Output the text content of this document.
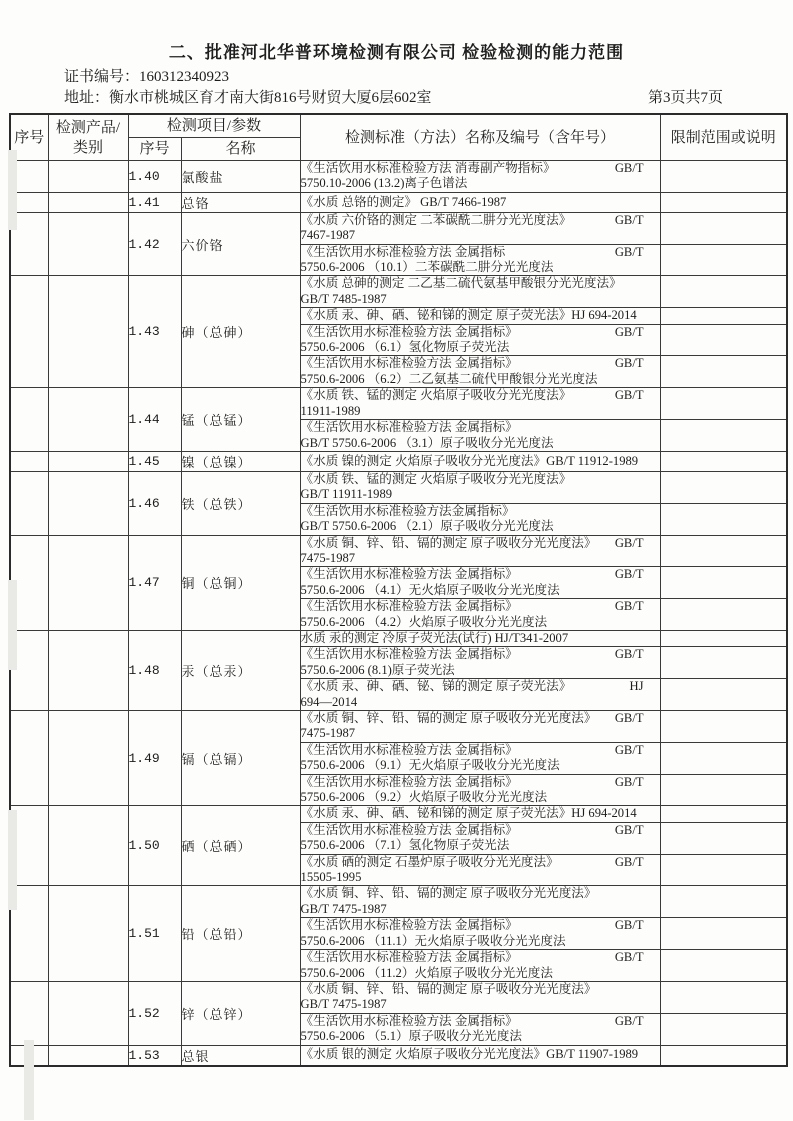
二、批准河北华普环境检测有限公司 检验检测的能力范围
证书编号：160312340923
地址：衡水市桃城区育才南大街816号财贸大厦6层602室	第3页共7页
序号	检测产品/类别	检测项目/参数		检测标准（方法）名称及编号（含年号）	限制范围或说明
		序号	名称		
		1.40	氯酸盐	《生活饮用水标准检验方法 消毒副产物指标》 GB/T
5750.10-2006 (13.2)离子色谱法	

		1.41	总铬	《水质 总铬的测定》 GB/T 7466-1987	

		1.42	六价铬	《水质 六价铬的测定 二苯碳酰二肼分光光度法》 GB/T
7467-1987	

				《生活饮用水标准检验方法 金属指标 GB/T
5750.6-2006 （10.1）二苯碳酰二肼分光光度法	

		1.43	砷（总砷）	《水质 总砷的测定 二乙基二硫代氨基甲酸银分光光度法》
GB/T 7485-1987	

				《水质 汞、砷、硒、铋和锑的测定 原子荧光法》HJ 694-2014	

				《生活饮用水标准检验方法 金属指标》 GB/T
5750.6-2006 （6.1）氢化物原子荧光法	

				《生活饮用水标准检验方法 金属指标》 GB/T
5750.6-2006 （6.2）二乙氨基二硫代甲酸银分光光度法	

		1.44	锰（总锰）	《水质 铁、锰的测定 火焰原子吸收分光光度法》 GB/T
11911-1989	

				《生活饮用水标准检验方法 金属指标》
GB/T 5750.6-2006 （3.1）原子吸收分光光度法	

		1.45	镍（总镍）	《水质 镍的测定 火焰原子吸收分光光度法》GB/T 11912-1989	

		1.46	铁（总铁）	《水质 铁、锰的测定 火焰原子吸收分光光度法》
GB/T 11911-1989	

				《生活饮用水标准检验方法金属指标》
GB/T 5750.6-2006 （2.1）原子吸收分光光度法	

		1.47	铜（总铜）	《水质 铜、锌、铅、镉的测定 原子吸收分光光度法》 GB/T
7475-1987	

				《生活饮用水标准检验方法 金属指标》 GB/T
5750.6-2006 （4.1）无火焰原子吸收分光光度法	

				《生活饮用水标准检验方法 金属指标》 GB/T
5750.6-2006 （4.2）火焰原子吸收分光光度法	

		1.48	汞（总汞）	水质 汞的测定 冷原子荧光法(试行) HJ/T341-2007	

				《生活饮用水标准检验方法 金属指标》 GB/T
5750.6-2006 (8.1)原子荧光法	

				《水质 汞、砷、硒、铋、锑的测定 原子荧光法》 HJ
694—2014	

		1.49	镉（总镉）	《水质 铜、锌、铅、镉的测定 原子吸收分光光度法》 GB/T
7475-1987	

				《生活饮用水标准检验方法 金属指标》 GB/T
5750.6-2006 （9.1）无火焰原子吸收分光光度法	

				《生活饮用水标准检验方法 金属指标》 GB/T
5750.6-2006 （9.2）火焰原子吸收分光光度法	

		1.50	硒（总硒）	《水质 汞、砷、硒、铋和锑的测定 原子荧光法》HJ 694-2014	

				《生活饮用水标准检验方法 金属指标》 GB/T
5750.6-2006 （7.1）氢化物原子荧光法	

				《水质 硒的测定 石墨炉原子吸收分光光度法》 GB/T
15505-1995	

		1.51	铅（总铅）	《水质 铜、锌、铅、镉的测定 原子吸收分光光度法》
GB/T 7475-1987	

				《生活饮用水标准检验方法 金属指标》 GB/T
5750.6-2006 （11.1）无火焰原子吸收分光光度法	

				《生活饮用水标准检验方法 金属指标》 GB/T
5750.6-2006 （11.2）火焰原子吸收分光光度法	

		1.52	锌（总锌）	《水质 铜、锌、铅、镉的测定 原子吸收分光光度法》
GB/T 7475-1987	

				《生活饮用水标准检验方法 金属指标》 GB/T
5750.6-2006 （5.1）原子吸收分光光度法	

		1.53	总银	《水质 银的测定 火焰原子吸收分光光度法》GB/T 11907-1989	
